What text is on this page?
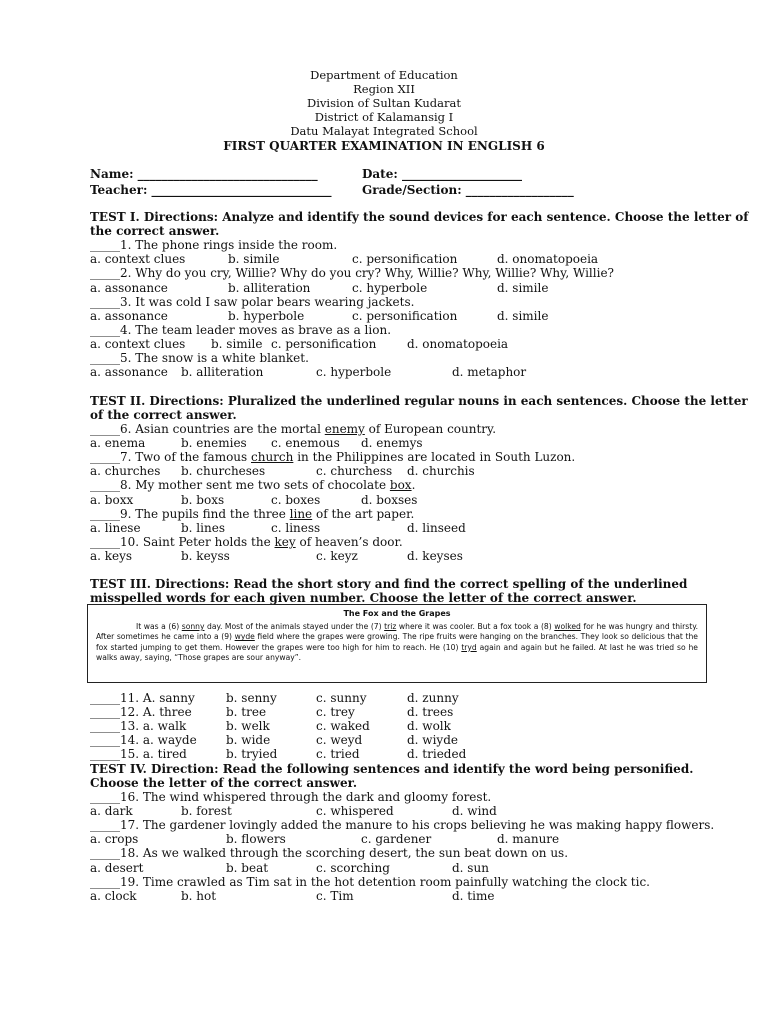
Department of Education
Region XII
Division of Sultan Kudarat
District of Kalamansig I
Datu Malayat Integrated School
FIRST QUARTER EXAMINATION IN ENGLISH 6
Name: ______________________________	Date: ____________________
Teacher: ______________________________	Grade/Section: __________________
TEST I. Directions: Analyze and identify the sound devices for each sentence. Choose the letter of
the correct answer.
_____1. The phone rings inside the room.
a. context clues	b. simile	c. personification	d. onomatopoeia
_____2. Why do you cry, Willie? Why do you cry? Why, Willie? Why, Willie? Why, Willie?
a. assonance	b. alliteration	c. hyperbole	d. simile
_____3. It was cold I saw polar bears wearing jackets.
a. assonance	b. hyperbole	c. personification	d. simile
_____4. The team leader moves as brave as a lion.
a. context clues b. simile c. personification	d. onomatopoeia
_____5. The snow is a white blanket.
a. assonance b. alliteration	c. hyperbole	d. metaphor
TEST II. Directions: Pluralized the underlined regular nouns in each sentences. Choose the letter
of the correct answer.
_____6. Asian countries are the mortal enemy of European country.
a. enema	b. enemies c. enemous d. enemys
_____7. Two of the famous church in the Philippines are located in South Luzon.
a. churches b. churcheses	c. churchess d. churchis
_____8. My mother sent me two sets of chocolate box.
a. boxx	b. boxs	c. boxes	d. boxses
_____9. The pupils find the three line of the art paper.
a. linese	b. lines	c. liness	d. linseed
_____10. Saint Peter holds the key of heaven’s door.
a. keys	b. keyss	c. keyz	d. keyses
TEST III. Directions: Read the short story and find the correct spelling of the underlined
misspelled words for each given number. Choose the letter of the correct answer.
The Fox and the Grapes
It was a (6) sonny day. Most of the animals stayed under the (7) triz where it was cooler. But a fox took a (8) wolked for he was hungry and thirsty. After sometimes he came into a (9) wyde field where the grapes were growing. The ripe fruits were hanging on the branches. They look so delicious that the fox started jumping to get them. However the grapes were too high for him to reach. He (10) tryd again and again but he failed. At last he was tried so he walks away, saying, “Those grapes are sour anyway”.
_____11. A. sanny	b. senny	c. sunny	d. zunny
_____12. A. three	b. tree	c. trey	d. trees
_____13. a. walk	b. welk	c. waked	d. wolk
_____14. a. wayde b. wide	c. weyd	d. wiyde
_____15. a. tired	b. tryied	c. tried	d. trieded
TEST IV. Direction: Read the following sentences and identify the word being personified.
Choose the letter of the correct answer.
_____16. The wind whispered through the dark and gloomy forest.
a. dark	b. forest	c. whispered	d. wind
_____17. The gardener lovingly added the manure to his crops believing he was making happy flowers.
a. crops	b. flowers	c. gardener	d. manure
_____18. As we walked through the scorching desert, the sun beat down on us.
a. desert	b. beat	c. scorching	d. sun
_____19. Time crawled as Tim sat in the hot detention room painfully watching the clock tic.
a. clock	b. hot	c. Tim	d. time
